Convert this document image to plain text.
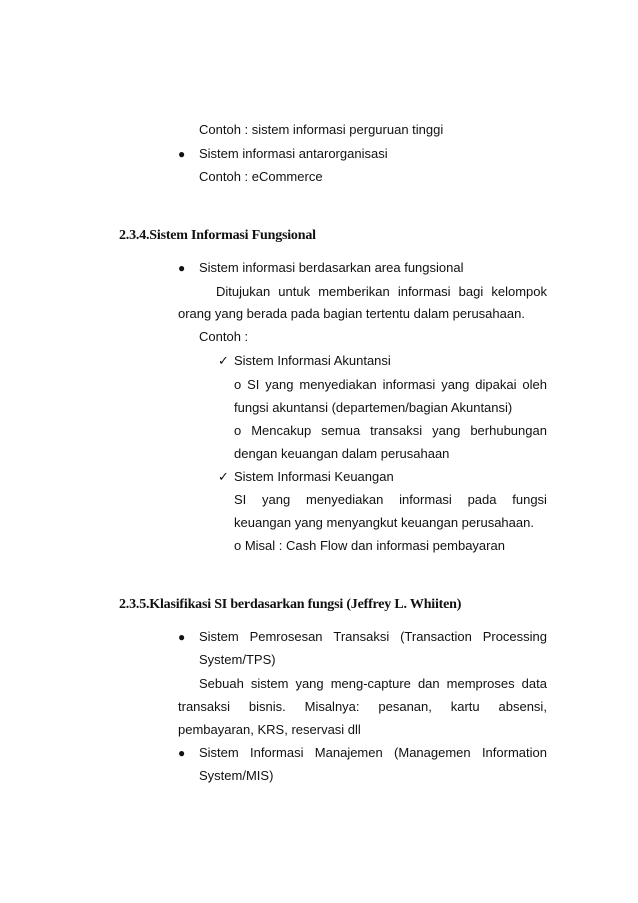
Contoh : sistem informasi perguruan tinggi
● Sistem informasi antarorganisasi
Contoh : eCommerce
2.3.4.Sistem Informasi Fungsional
● Sistem informasi berdasarkan area fungsional
Ditujukan untuk memberikan informasi bagi kelompok
orang yang berada pada bagian tertentu dalam perusahaan.
Contoh :
✓ Sistem Informasi Akuntansi
o SI yang menyediakan informasi yang dipakai oleh
fungsi akuntansi (departemen/bagian Akuntansi)
o Mencakup semua transaksi yang berhubungan
dengan keuangan dalam perusahaan
✓ Sistem Informasi Keuangan
SI yang menyediakan informasi pada fungsi
keuangan yang menyangkut keuangan perusahaan.
o Misal : Cash Flow dan informasi pembayaran
2.3.5.Klasifikasi SI berdasarkan fungsi (Jeffrey L. Whiiten)
● Sistem Pemrosesan Transaksi (Transaction Processing
System/TPS)
Sebuah sistem yang meng-capture dan memproses data
transaksi bisnis. Misalnya: pesanan, kartu absensi,
pembayaran, KRS, reservasi dll
● Sistem Informasi Manajemen (Managemen Information
System/MIS)
